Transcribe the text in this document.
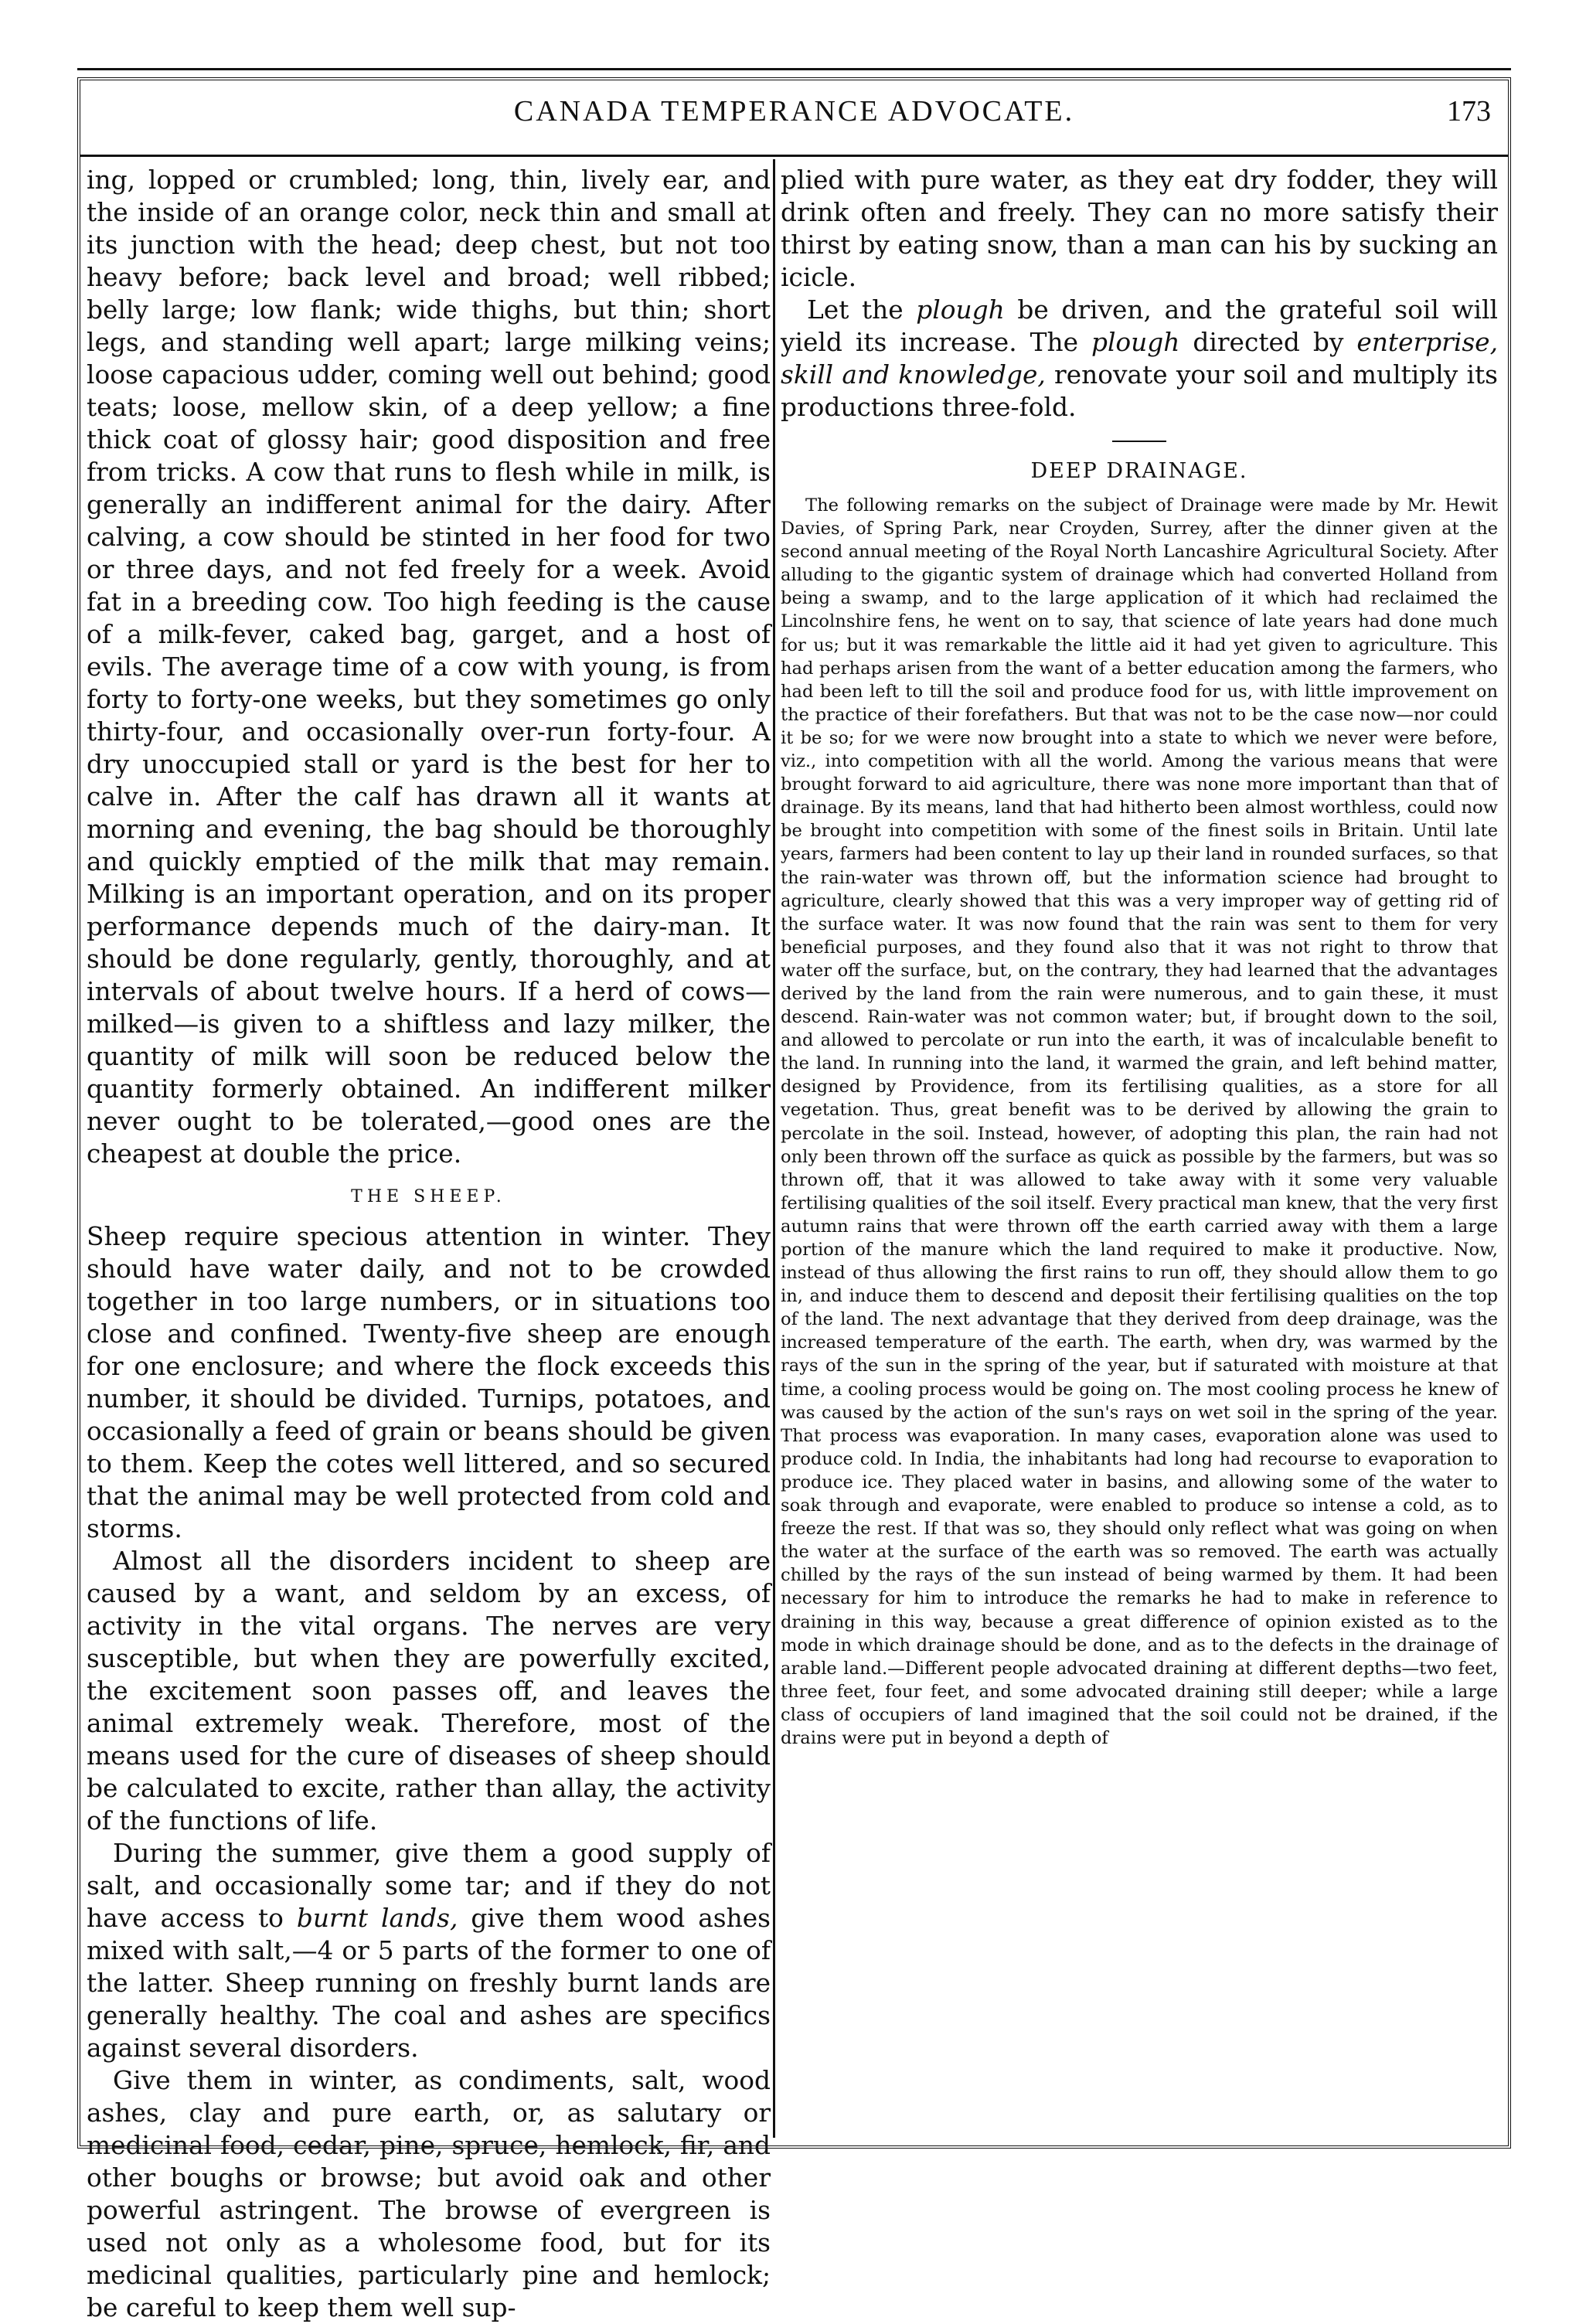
CANADA TEMPERANCE ADVOCATE.	173

ing, lopped or crumbled; long, thin, lively ear, and the inside of an orange color, neck thin and small at its junction with the head; deep chest, but not too heavy before; back level and broad; well ribbed; belly large; low flank; wide thighs, but thin; short legs, and standing well apart; large milking veins; loose capacious udder, coming well out behind; good teats; loose, mellow skin, of a deep yellow; a fine thick coat of glossy hair; good disposition and free from tricks. A cow that runs to flesh while in milk, is generally an indifferent animal for the dairy. After calving, a cow should be stinted in her food for two or three days, and not fed freely for a week. Avoid fat in a breeding cow. Too high feeding is the cause of a milk-fever, caked bag, garget, and a host of evils. The average time of a cow with young, is from forty to forty-one weeks, but they sometimes go only thirty-four, and occasionally over-run forty-four. A dry unoccupied stall or yard is the best for her to calve in. After the calf has drawn all it wants at morning and evening, the bag should be thoroughly and quickly emptied of the milk that may remain. Milking is an important operation, and on its proper performance depends much of the dairy-man. It should be done regularly, gently, thoroughly, and at intervals of about twelve hours. If a herd of cows—milked—is given to a shiftless and lazy milker, the quantity of milk will soon be reduced below the quantity formerly obtained. An indifferent milker never ought to be tolerated,—good ones are the cheapest at double the price.

THE SHEEP.

Sheep require specious attention in winter. They should have water daily, and not to be crowded together in too large numbers, or in situations too close and confined. Twenty-five sheep are enough for one enclosure; and where the flock exceeds this number, it should be divided. Turnips, potatoes, and occasionally a feed of grain or beans should be given to them. Keep the cotes well littered, and so secured that the animal may be well protected from cold and storms.

Almost all the disorders incident to sheep are caused by a want, and seldom by an excess, of activity in the vital organs. The nerves are very susceptible, but when they are powerfully excited, the excitement soon passes off, and leaves the animal extremely weak. Therefore, most of the means used for the cure of diseases of sheep should be calculated to excite, rather than allay, the activity of the functions of life.

During the summer, give them a good supply of salt, and occasionally some tar; and if they do not have access to burnt lands, give them wood ashes mixed with salt,—4 or 5 parts of the former to one of the latter. Sheep running on freshly burnt lands are generally healthy. The coal and ashes are specifics against several disorders.

Give them in winter, as condiments, salt, wood ashes, clay and pure earth, or, as salutary or medicinal food, cedar, pine, spruce, hemlock, fir, and other boughs or browse; but avoid oak and other powerful astringent. The browse of evergreen is used not only as a wholesome food, but for its medicinal qualities, particularly pine and hemlock; be careful to keep them well sup-

plied with pure water, as they eat dry fodder, they will drink often and freely. They can no more satisfy their thirst by eating snow, than a man can his by sucking an icicle.

Let the plough be driven, and the grateful soil will yield its increase. The plough directed by enterprise, skill and knowledge, renovate your soil and multiply its productions three-fold.

DEEP DRAINAGE.

The following remarks on the subject of Drainage were made by Mr. Hewit Davies, of Spring Park, near Croyden, Surrey, after the dinner given at the second annual meeting of the Royal North Lancashire Agricultural Society. After alluding to the gigantic system of drainage which had converted Holland from being a swamp, and to the large application of it which had reclaimed the Lincolnshire fens, he went on to say, that science of late years had done much for us; but it was remarkable the little aid it had yet given to agriculture. This had perhaps arisen from the want of a better education among the farmers, who had been left to till the soil and produce food for us, with little improvement on the practice of their forefathers. But that was not to be the case now—nor could it be so; for we were now brought into a state to which we never were before, viz., into competition with all the world. Among the various means that were brought forward to aid agriculture, there was none more important than that of drainage. By its means, land that had hitherto been almost worthless, could now be brought into competition with some of the finest soils in Britain. Until late years, farmers had been content to lay up their land in rounded surfaces, so that the rain-water was thrown off, but the information science had brought to agriculture, clearly showed that this was a very improper way of getting rid of the surface water. It was now found that the rain was sent to them for very beneficial purposes, and they found also that it was not right to throw that water off the surface, but, on the contrary, they had learned that the advantages derived by the land from the rain were numerous, and to gain these, it must descend. Rain-water was not common water; but, if brought down to the soil, and allowed to percolate or run into the earth, it was of incalculable benefit to the land. In running into the land, it warmed the grain, and left behind matter, designed by Providence, from its fertilising qualities, as a store for all vegetation. Thus, great benefit was to be derived by allowing the grain to percolate in the soil. Instead, however, of adopting this plan, the rain had not only been thrown off the surface as quick as possible by the farmers, but was so thrown off, that it was allowed to take away with it some very valuable fertilising qualities of the soil itself. Every practical man knew, that the very first autumn rains that were thrown off the earth carried away with them a large portion of the manure which the land required to make it productive. Now, instead of thus allowing the first rains to run off, they should allow them to go in, and induce them to descend and deposit their fertilising qualities on the top of the land. The next advantage that they derived from deep drainage, was the increased temperature of the earth. The earth, when dry, was warmed by the rays of the sun in the spring of the year, but if saturated with moisture at that time, a cooling process would be going on. The most cooling process he knew of was caused by the action of the sun's rays on wet soil in the spring of the year. That process was evaporation. In many cases, evaporation alone was used to produce cold. In India, the inhabitants had long had recourse to evaporation to produce ice. They placed water in basins, and allowing some of the water to soak through and evaporate, were enabled to produce so intense a cold, as to freeze the rest. If that was so, they should only reflect what was going on when the water at the surface of the earth was so removed. The earth was actually chilled by the rays of the sun instead of being warmed by them. It had been necessary for him to introduce the remarks he had to make in reference to draining in this way, because a great difference of opinion existed as to the mode in which drainage should be done, and as to the defects in the drainage of arable land.—Different people advocated draining at different depths—two feet, three feet, four feet, and some advocated draining still deeper; while a large class of occupiers of land imagined that the soil could not be drained, if the drains were put in beyond a depth of
